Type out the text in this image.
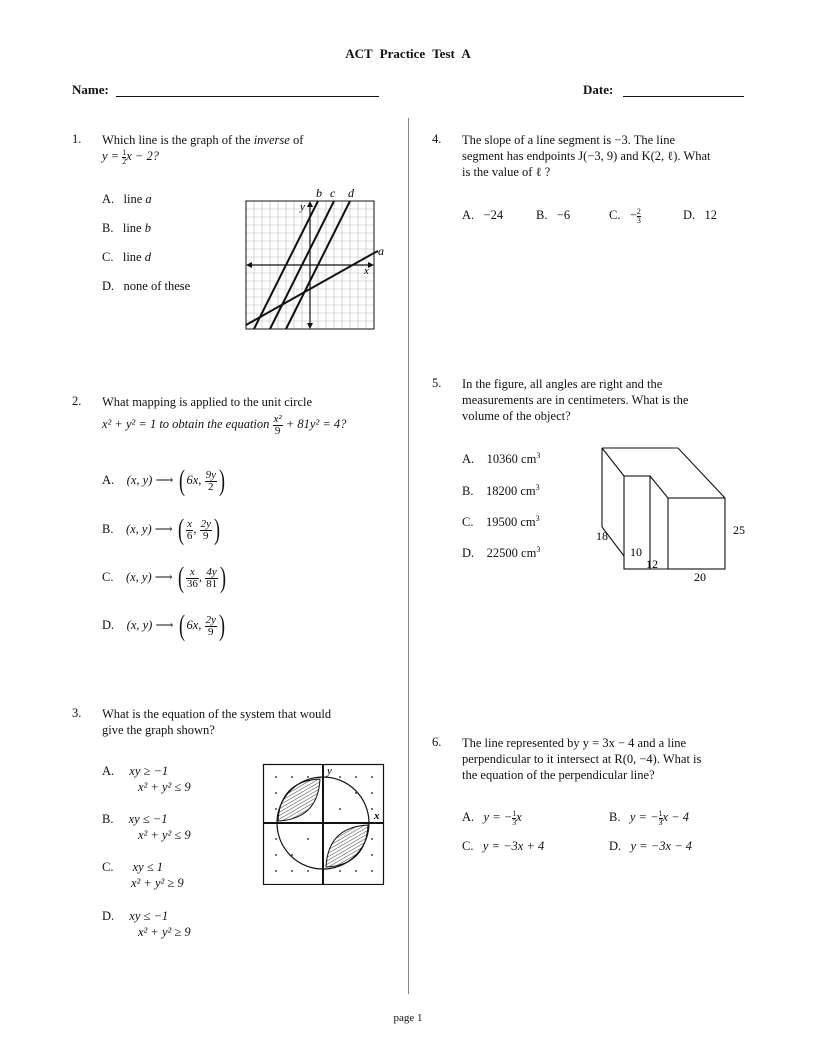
ACT Practice Test A
Name:	Date:
1.	Which line is the graph of the inverse of
$y = \frac{1}{2}x - 2$?
A. line a
B. line b
C. line d
D. none of these
b c d
a
x
y
2.	What mapping is applied to the unit circle
x² + y² = 1 to obtain the equation $\frac{\text{x²}}{9} + 81y^2 = 4$?
A. (x, y) ⟶ ( 6x, $\frac{9y}{2}$ )
B. (x, y) ⟶ ( $\frac{x}{6}$ , $\frac{2y}{9}$ )
C. (x, y) ⟶ ( $\frac{x}{36}$ , $\frac{4y}{81}$ )
D. (x, y) ⟶ ( 6x, $\frac{2y}{9}$ )
3.	What is the equation of the system that would
give the graph shown?
A. xy ≥ −1
x² + y² ≤ 9
B. xy ≤ −1
x² + y² ≤ 9
C. xy ≤ 1
x² + y² ≥ 9
D. xy ≤ −1
x² + y² ≥ 9
x
y
4.	The slope of a line segment is −3. The line
segment has endpoints J(−3, 9) and K(2, ℓ). What
is the value of ℓ ?
A. −24	B. −6	C. − $\frac{2}{3}$	D. 12
5.	In the figure, all angles are right and the
measurements are in centimeters. What is the
volume of the object?
A. 10360 $cm^3$
B. 18200 $cm^3$
C. 19500 $cm^3$
D. 22500 $cm^3$
25
18
10
12
20
6.	The line represented by y = 3x − 4 and a line
perpendicular to it intersect at R(0, −4). What is
the equation of the perpendicular line?
A. y = − $\frac{1}{3}x$	B. y = − $\frac{1}{3}x - 4$
C. y = −3x + 4	D. y = −3x − 4
page 1
